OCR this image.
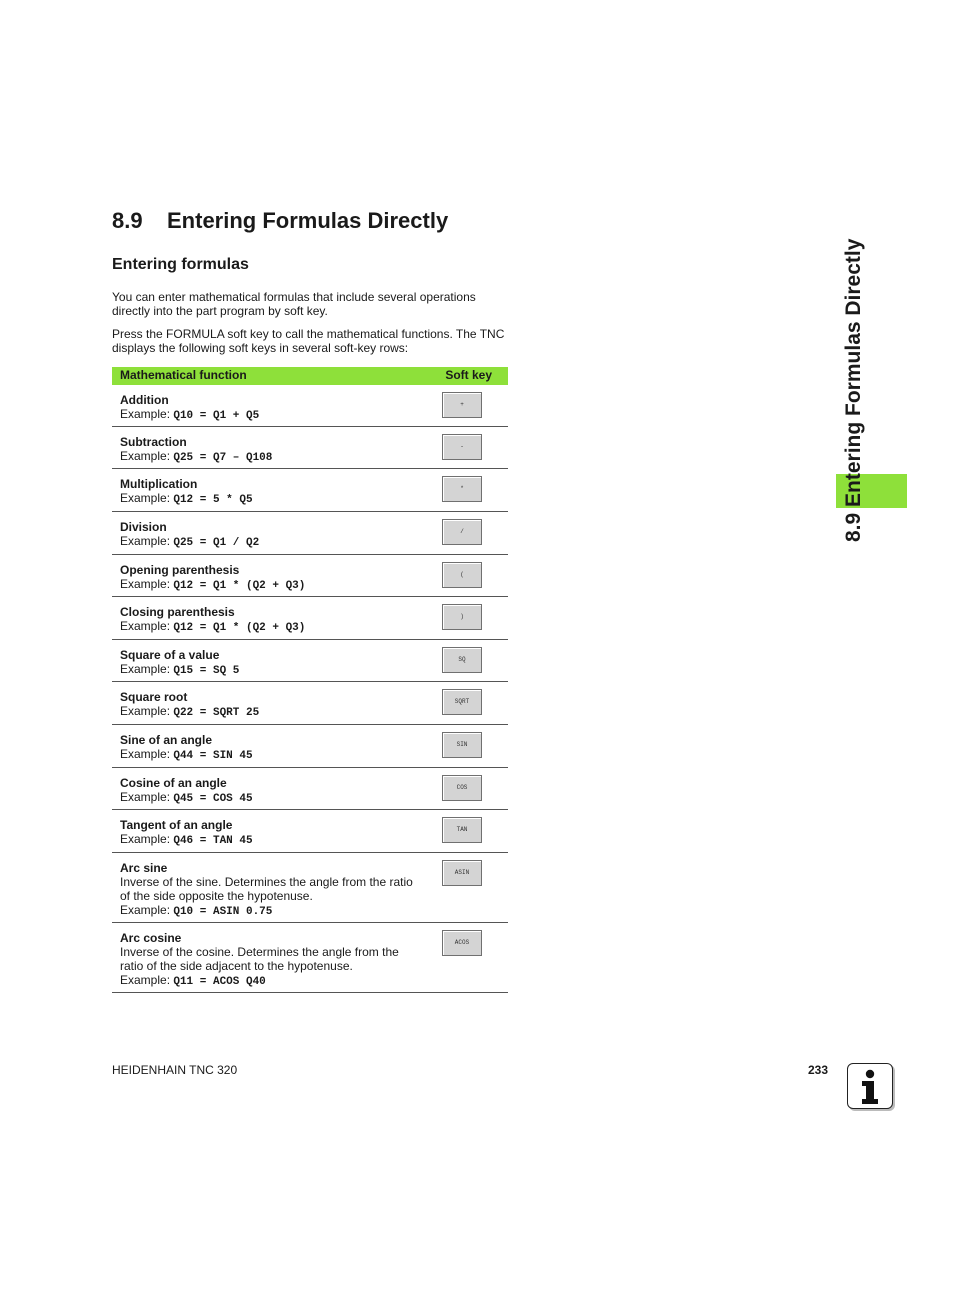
8.9 Entering Formulas Directly
Entering formulas
You can enter mathematical formulas that include several operations directly into the part program by soft key.
Press the FORMULA soft key to call the mathematical functions. The TNC displays the following soft keys in several soft-key rows:
Mathematical function	Soft key
Addition
Example: Q10 = Q1 + Q5
+
Subtraction
Example: Q25 = Q7 – Q108
-
Multiplication
Example: Q12 = 5 * Q5
*
Division
Example: Q25 = Q1 / Q2
/
Opening parenthesis
Example: Q12 = Q1 * (Q2 + Q3)
(
Closing parenthesis
Example: Q12 = Q1 * (Q2 + Q3)
)
Square of a value
Example: Q15 = SQ 5
SQ
Square root
Example: Q22 = SQRT 25
SQRT
Sine of an angle
Example: Q44 = SIN 45
SIN
Cosine of an angle
Example: Q45 = COS 45
COS
Tangent of an angle
Example: Q46 = TAN 45
TAN
Arc sine
Inverse of the sine. Determines the angle from the ratio of the side opposite the hypotenuse.
Example: Q10 = ASIN 0.75
ASIN
Arc cosine
Inverse of the cosine. Determines the angle from the ratio of the side adjacent to the hypotenuse.
Example: Q11 = ACOS Q40
ACOS
8.9 Entering Formulas Directly
HEIDENHAIN TNC 320	233
